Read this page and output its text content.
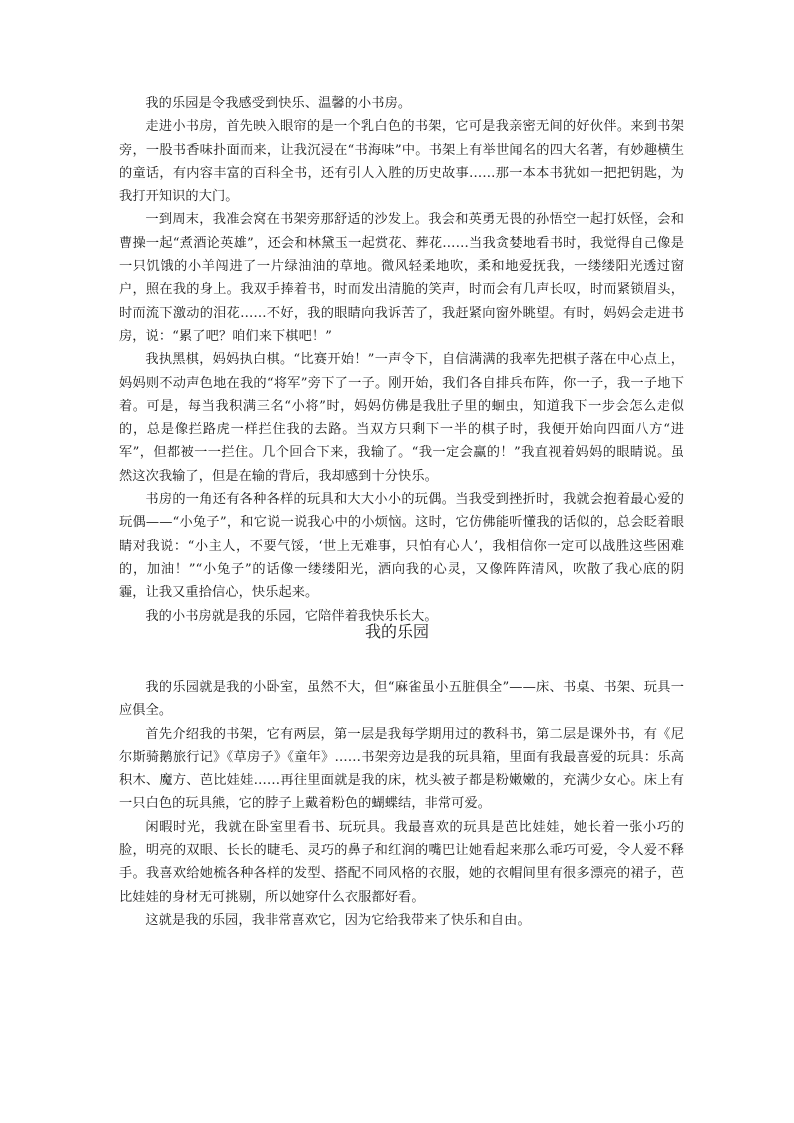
我的乐园是令我感受到快乐、温馨的小书房。

走进小书房，首先映入眼帘的是一个乳白色的书架，它可是我亲密无间的好伙伴。来到书架旁，一股书香味扑面而来，让我沉浸在“书海味”中。书架上有举世闻名的四大名著，有妙趣横生的童话，有内容丰富的百科全书，还有引人入胜的历史故事……那一本本书犹如一把把钥匙，为我打开知识的大门。

一到周末，我准会窝在书架旁那舒适的沙发上。我会和英勇无畏的孙悟空一起打妖怪，会和曹操一起“煮酒论英雄”，还会和林黛玉一起赏花、葬花……当我贪婪地看书时，我觉得自己像是一只饥饿的小羊闯进了一片绿油油的草地。微风轻柔地吹，柔和地爱抚我，一缕缕阳光透过窗户，照在我的身上。我双手捧着书，时而发出清脆的笑声，时而会有几声长叹，时而紧锁眉头，时而流下激动的泪花……不好，我的眼睛向我诉苦了，我赶紧向窗外眺望。有时，妈妈会走进书房，说：“累了吧？咱们来下棋吧！”

我执黑棋，妈妈执白棋。“比赛开始！”一声令下，自信满满的我率先把棋子落在中心点上，妈妈则不动声色地在我的“将军”旁下了一子。刚开始，我们各自排兵布阵，你一子，我一子地下着。可是，每当我积满三名“小将”时，妈妈仿佛是我肚子里的蛔虫，知道我下一步会怎么走似的，总是像拦路虎一样拦住我的去路。当双方只剩下一半的棋子时，我便开始向四面八方“进军”，但都被一一拦住。几个回合下来，我输了。“我一定会赢的！”我直视着妈妈的眼睛说。虽然这次我输了，但是在输的背后，我却感到十分快乐。

书房的一角还有各种各样的玩具和大大小小的玩偶。当我受到挫折时，我就会抱着最心爱的玩偶——“小兔子”，和它说一说我心中的小烦恼。这时，它仿佛能听懂我的话似的，总会眨着眼睛对我说：“小主人，不要气馁，‘世上无难事，只怕有心人’，我相信你一定可以战胜这些困难的，加油！”“小兔子”的话像一缕缕阳光，洒向我的心灵，又像阵阵清风，吹散了我心底的阴霾，让我又重拾信心，快乐起来。

我的小书房就是我的乐园，它陪伴着我快乐长大。

我的乐园

我的乐园就是我的小卧室，虽然不大，但“麻雀虽小五脏俱全”——床、书桌、书架、玩具一应俱全。

首先介绍我的书架，它有两层，第一层是我每学期用过的教科书，第二层是课外书，有《尼尔斯骑鹅旅行记》《草房子》《童年》……书架旁边是我的玩具箱，里面有我最喜爱的玩具：乐高积木、魔方、芭比娃娃……再往里面就是我的床，枕头被子都是粉嫩嫩的，充满少女心。床上有一只白色的玩具熊，它的脖子上戴着粉色的蝴蝶结，非常可爱。

闲暇时光，我就在卧室里看书、玩玩具。我最喜欢的玩具是芭比娃娃，她长着一张小巧的脸，明亮的双眼、长长的睫毛、灵巧的鼻子和红润的嘴巴让她看起来那么乖巧可爱，令人爱不释手。我喜欢给她梳各种各样的发型、搭配不同风格的衣服，她的衣帽间里有很多漂亮的裙子，芭比娃娃的身材无可挑剔，所以她穿什么衣服都好看。

这就是我的乐园，我非常喜欢它，因为它给我带来了快乐和自由。
